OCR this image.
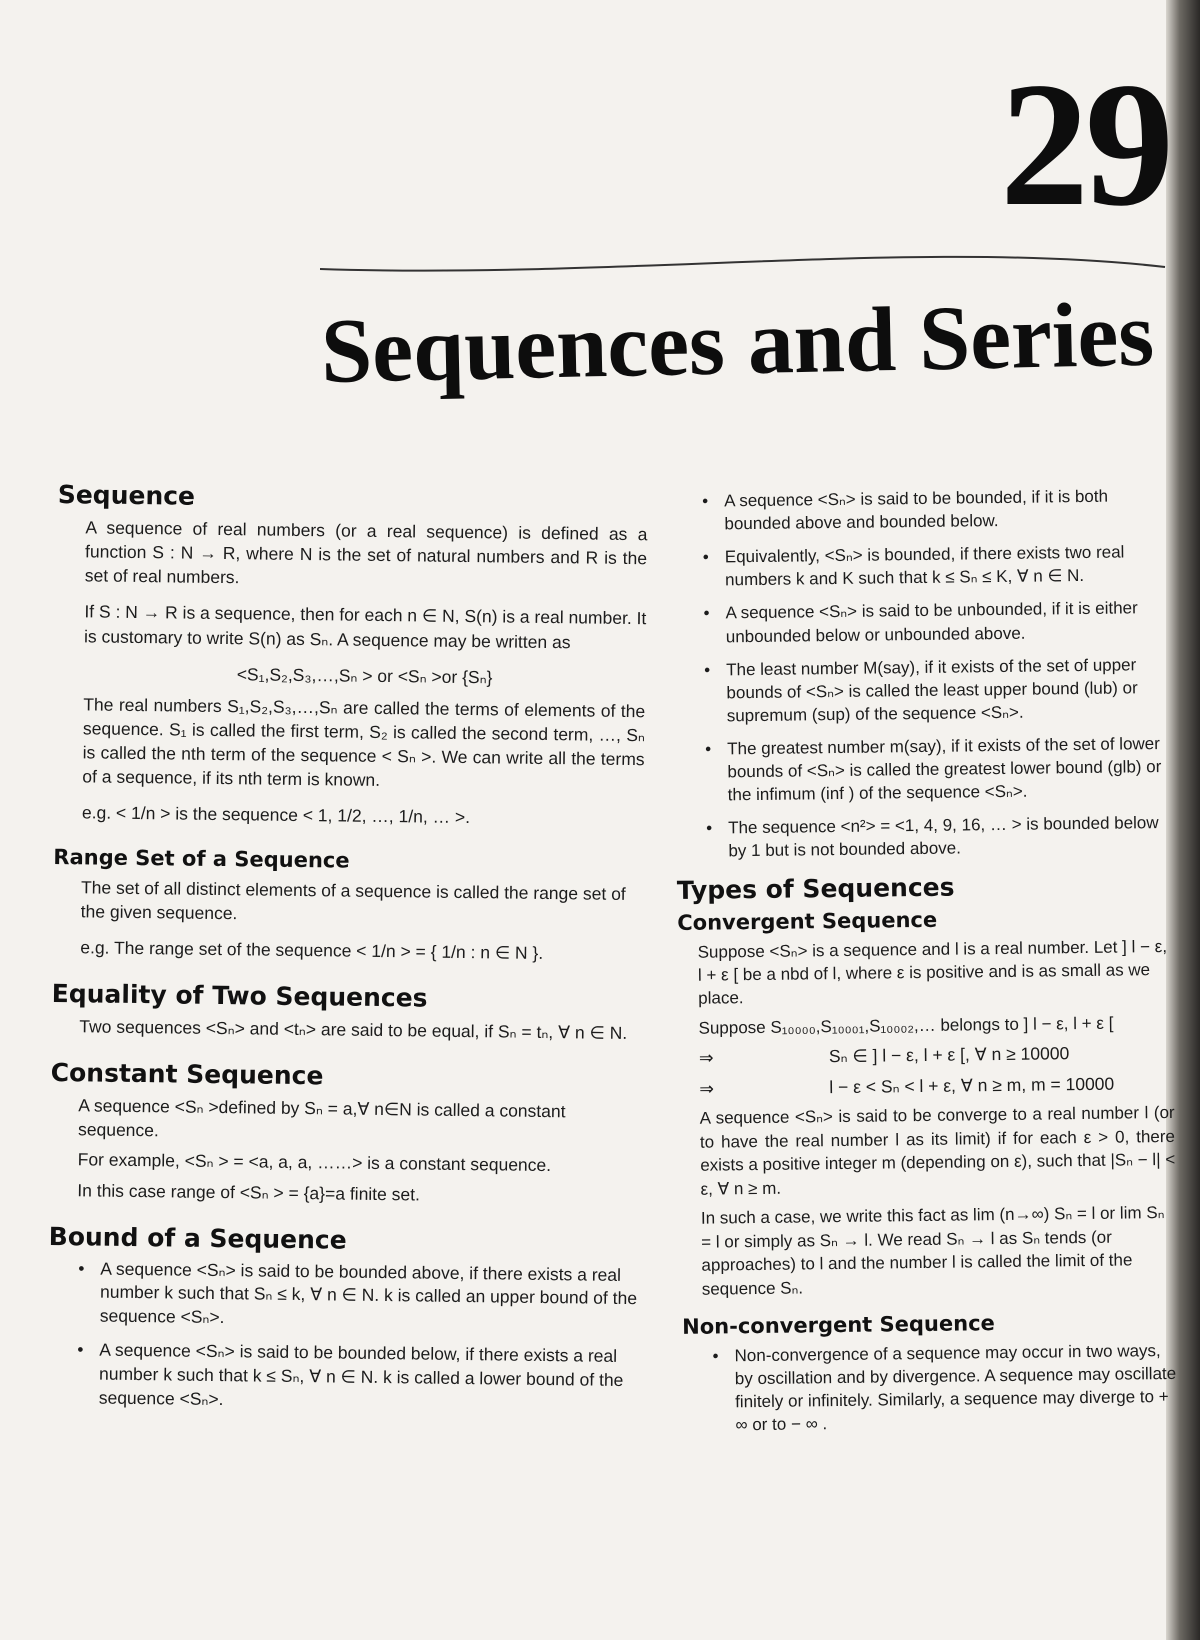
29
Sequences and Series
Sequence

A sequence of real numbers (or a real sequence) is defined as a function S : N → R, where N is the set of natural numbers and R is the set of real numbers.

If S : N → R is a sequence, then for each n ∈ N, S(n) is a real number. It is customary to write S(n) as Sₙ. A sequence may be written as

<S₁,S₂,S₃,…,Sₙ > or <Sₙ >or {Sₙ}

The real numbers S₁,S₂,S₃,…,Sₙ are called the terms of elements of the sequence. S₁ is called the first term, S₂ is called the second term, …, Sₙ is called the nth term of the sequence < Sₙ >. We can write all the terms of a sequence, if its nth term is known.

e.g. < 1/n > is the sequence < 1, 1/2, …, 1/n, … >.

Range Set of a Sequence

The set of all distinct elements of a sequence is called the range set of the given sequence.

e.g. The range set of the sequence < 1/n > = { 1/n : n ∈ N }.

Equality of Two Sequences

Two sequences <Sₙ> and <tₙ> are said to be equal, if Sₙ = tₙ, ∀ n ∈ N.

Constant Sequence

A sequence <Sₙ >defined by Sₙ = a,∀ n∈N is called a constant sequence.

For example, <Sₙ > = <a, a, a, ……> is a constant sequence.

In this case range of <Sₙ > = {a}=a finite set.

Bound of a Sequence
• A sequence <Sₙ> is said to be bounded above, if there exists a real number k such that Sₙ ≤ k, ∀ n ∈ N. k is called an upper bound of the sequence <Sₙ>.
• A sequence <Sₙ> is said to be bounded below, if there exists a real number k such that k ≤ Sₙ, ∀ n ∈ N. k is called a lower bound of the sequence <Sₙ>.
• A sequence <Sₙ> is said to be bounded, if it is both bounded above and bounded below.
• Equivalently, <Sₙ> is bounded, if there exists two real numbers k and K such that k ≤ Sₙ ≤ K, ∀ n ∈ N.
• A sequence <Sₙ> is said to be unbounded, if it is either unbounded below or unbounded above.
• The least number M(say), if it exists of the set of upper bounds of <Sₙ> is called the least upper bound (lub) or supremum (sup) of the sequence <Sₙ>.
• The greatest number m(say), if it exists of the set of lower bounds of <Sₙ> is called the greatest lower bound (glb) or the infimum (inf ) of the sequence <Sₙ>.
• The sequence <n²> = <1, 4, 9, 16, … > is bounded below by 1 but is not bounded above.
Types of Sequences
Convergent Sequence

Suppose <Sₙ> is a sequence and l is a real number. Let ] l − ε, l + ε [ be a nbd of l, where ε is positive and is as small as we place.

Suppose S₁₀₀₀₀,S₁₀₀₀₁,S₁₀₀₀₂,… belongs to ] l − ε, l + ε [

⇒	Sₙ ∈ ] l − ε, l + ε [, ∀ n ≥ 10000
⇒	l − ε < Sₙ < l + ε, ∀ n ≥ m, m = 10000

A sequence <Sₙ> is said to be converge to a real number l (or to have the real number l as its limit) if for each ε > 0, there exists a positive integer m (depending on ε), such that |Sₙ − l| < ε, ∀ n ≥ m.

In such a case, we write this fact as lim (n→∞) Sₙ = l or lim Sₙ = l or simply as Sₙ → l. We read Sₙ → l as Sₙ tends (or approaches) to l and the number l is called the limit of the sequence Sₙ.

Non-convergent Sequence
• Non-convergence of a sequence may occur in two ways, by oscillation and by divergence. A sequence may oscillate finitely or infinitely. Similarly, a sequence may diverge to + ∞ or to − ∞ .
